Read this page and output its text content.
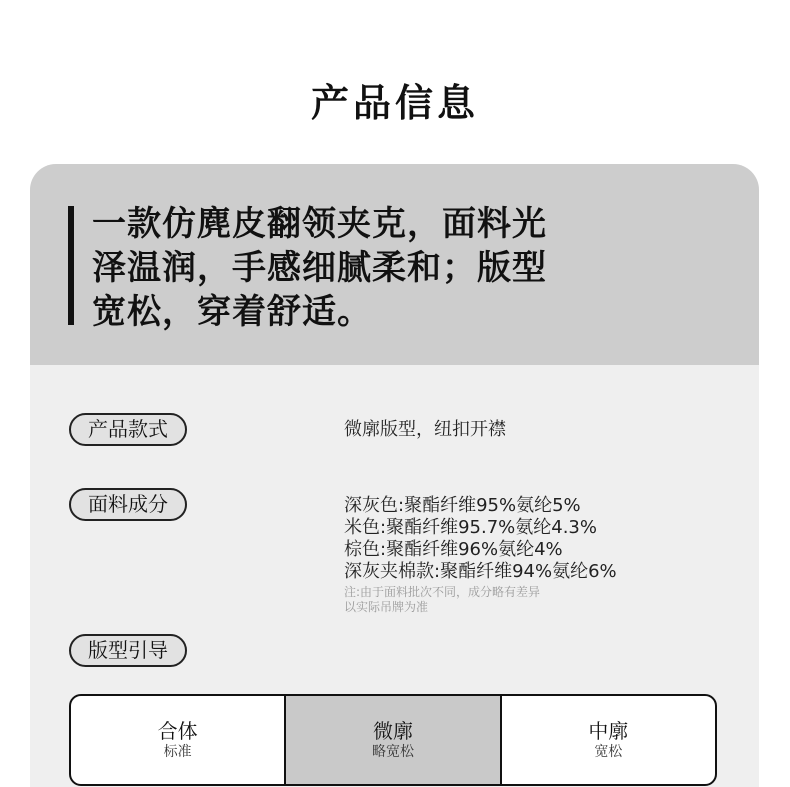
产品信息
一款仿麂皮翻领夹克，面料光
泽温润，手感细腻柔和；版型
宽松，穿着舒适。
产品款式	微廓版型，纽扣开襟
面料成分	深灰色:聚酯纤维95%氨纶5%
米色:聚酯纤维95.7%氨纶4.3%
棕色:聚酯纤维96%氨纶4%
深灰夹棉款:聚酯纤维94%氨纶6%
注:由于面料批次不同，成分略有差异
以实际吊牌为准
版型引导
合体
标准
微廓
略宽松
中廓
宽松
